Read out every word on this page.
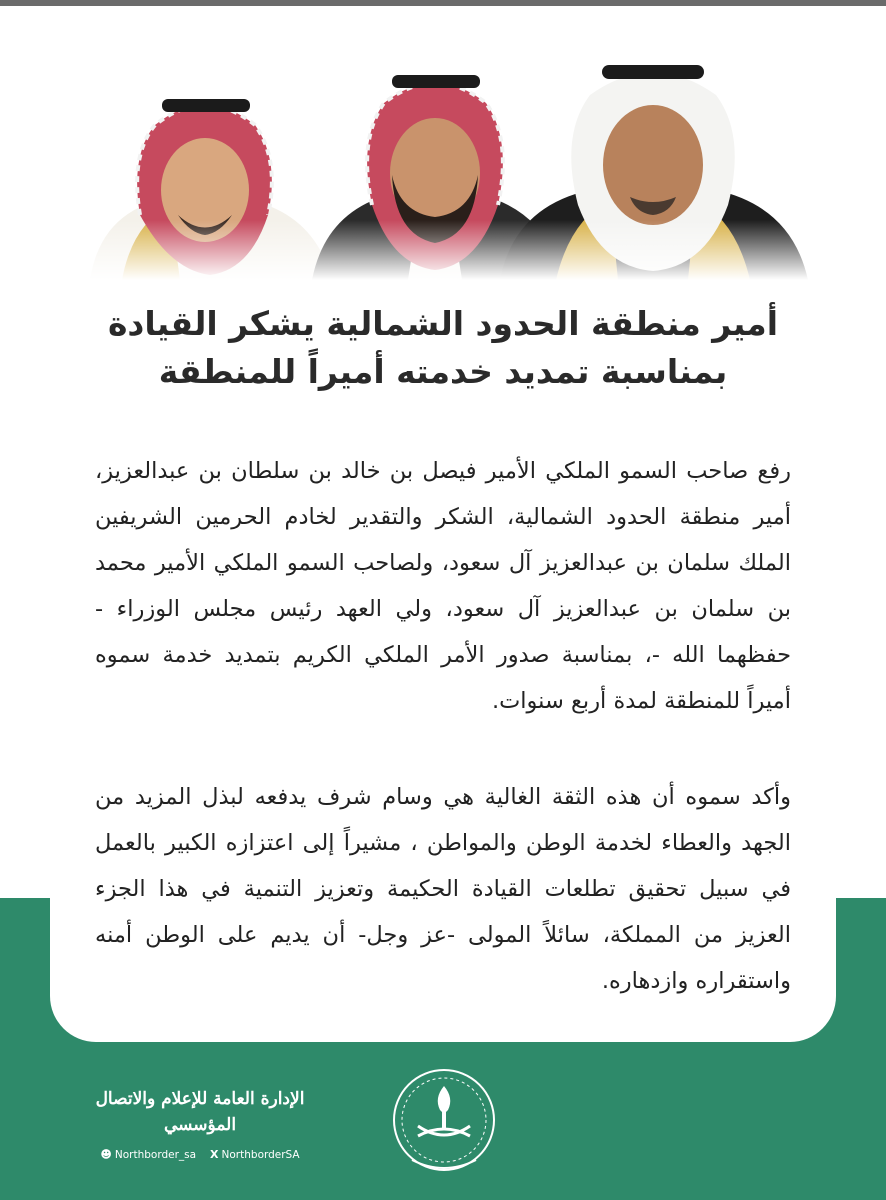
أمير منطقة الحدود الشمالية يشكر القيادة
بمناسبة تمديد خدمته أميراً للمنطقة

رفع صاحب السمو الملكي الأمير فيصل بن خالد بن سلطان بن عبدالعزيز، أمير منطقة الحدود الشمالية، الشكر والتقدير لخادم الحرمين الشريفين الملك سلمان بن عبدالعزيز آل سعود، ولصاحب السمو الملكي الأمير محمد بن سلمان بن عبدالعزيز آل سعود، ولي العهد رئيس مجلس الوزراء - حفظهما الله -، بمناسبة صدور الأمر الملكي الكريم بتمديد خدمة سموه أميراً للمنطقة لمدة أربع سنوات.

وأكد سموه أن هذه الثقة الغالية هي وسام شرف يدفعه لبذل المزيد من الجهد والعطاء لخدمة الوطن والمواطن ، مشيراً إلى اعتزازه الكبير بالعمل في سبيل تحقيق تطلعات القيادة الحكيمة وتعزيز التنمية في هذا الجزء العزيز من المملكة، سائلاً المولى -عز وجل- أن يديم على الوطن أمنه واستقراره وازدهاره.

الإدارة العامة للإعلام والاتصال المؤسسي
☻ Northborder_sa X NorthborderSA
